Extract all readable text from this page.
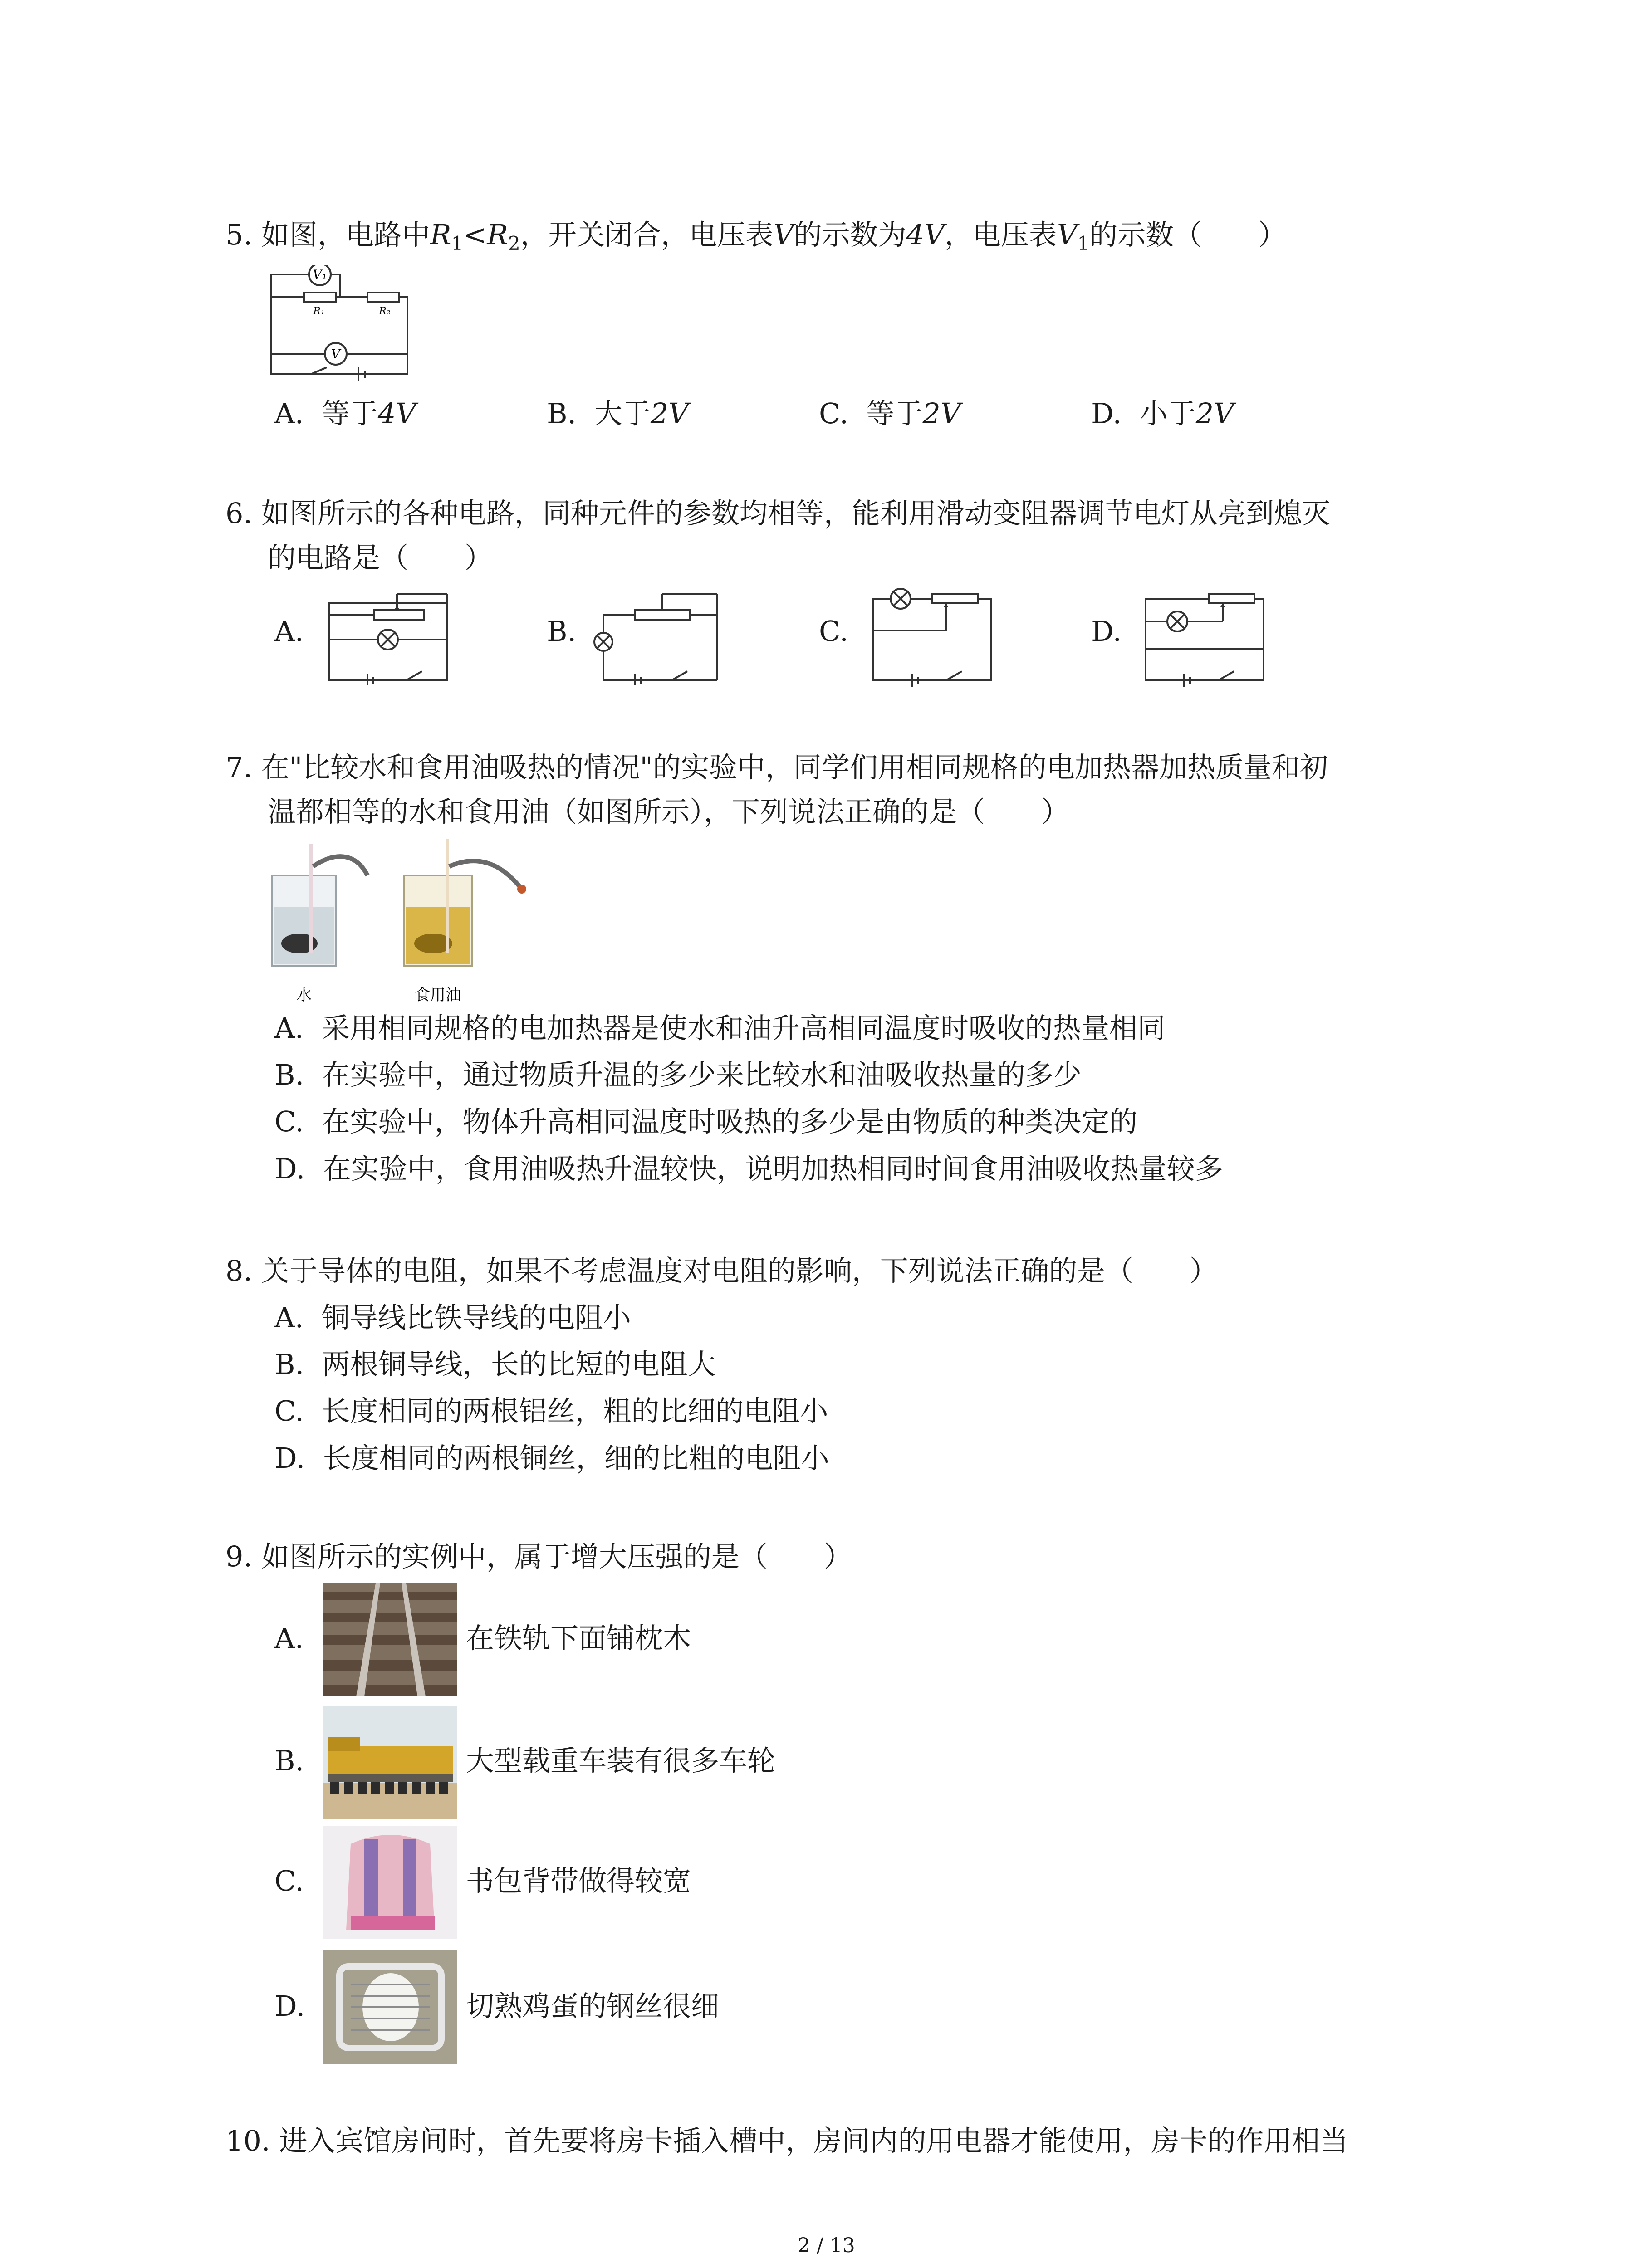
5. 如图，电路中$R_1<R_2$，开关闭合，电压表V的示数为4V，电压表$V_1$的示数（　　）
V₁
R₁	R₂
V
A. 等于4V	B. 大于2V	C. 等于2V	D. 小于2V
6. 如图所示的各种电路，同种元件的参数均相等，能利用滑动变阻器调节电灯从亮到熄灭
的电路是（　　）
A.	B.	C.	D.
7. 在"比较水和食用油吸热的情况"的实验中，同学们用相同规格的电加热器加热质量和初
温都相等的水和食用油（如图所示），下列说法正确的是（　　）
水	食用油
A. 采用相同规格的电加热器是使水和油升高相同温度时吸收的热量相同
B. 在实验中，通过物质升温的多少来比较水和油吸收热量的多少
C. 在实验中，物体升高相同温度时吸热的多少是由物质的种类决定的
D. 在实验中，食用油吸热升温较快，说明加热相同时间食用油吸收热量较多
8. 关于导体的电阻，如果不考虑温度对电阻的影响，下列说法正确的是（　　）
A. 铜导线比铁导线的电阻小
B. 两根铜导线，长的比短的电阻大
C. 长度相同的两根铝丝，粗的比细的电阻小
D. 长度相同的两根铜丝，细的比粗的电阻小
9. 如图所示的实例中，属于增大压强的是（　　）
A.	在铁轨下面铺枕木
B.	大型载重车装有很多车轮
C.	书包背带做得较宽
D.	切熟鸡蛋的钢丝很细
10. 进入宾馆房间时，首先要将房卡插入槽中，房间内的用电器才能使用，房卡的作用相当
2 / 13
